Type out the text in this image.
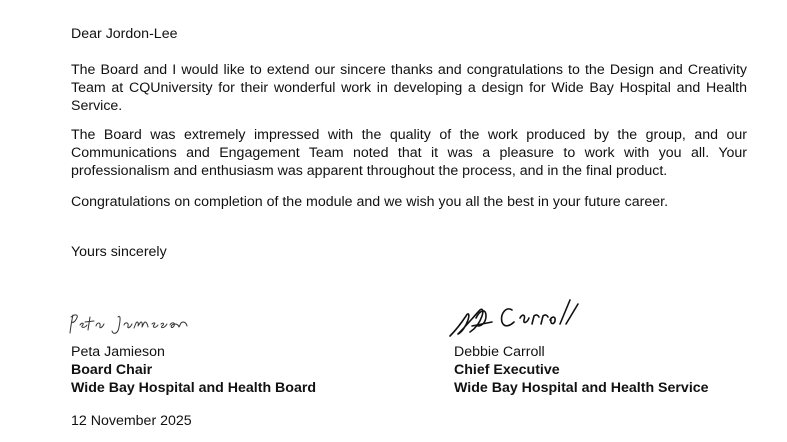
Dear Jordon-Lee
The Board and I would like to extend our sincere thanks and congratulations to the Design and Creativity Team at CQUniversity for their wonderful work in developing a design for Wide Bay Hospital and Health Service.
The Board was extremely impressed with the quality of the work produced by the group, and our Communications and Engagement Team noted that it was a pleasure to work with you all. Your professionalism and enthusiasm was apparent throughout the process, and in the final product.
Congratulations on completion of the module and we wish you all the best in your future career.
Yours sincerely
Peta Jamieson
Board Chair
Wide Bay Hospital and Health Board
Debbie Carroll
Chief Executive
Wide Bay Hospital and Health Service
12 November 2025
